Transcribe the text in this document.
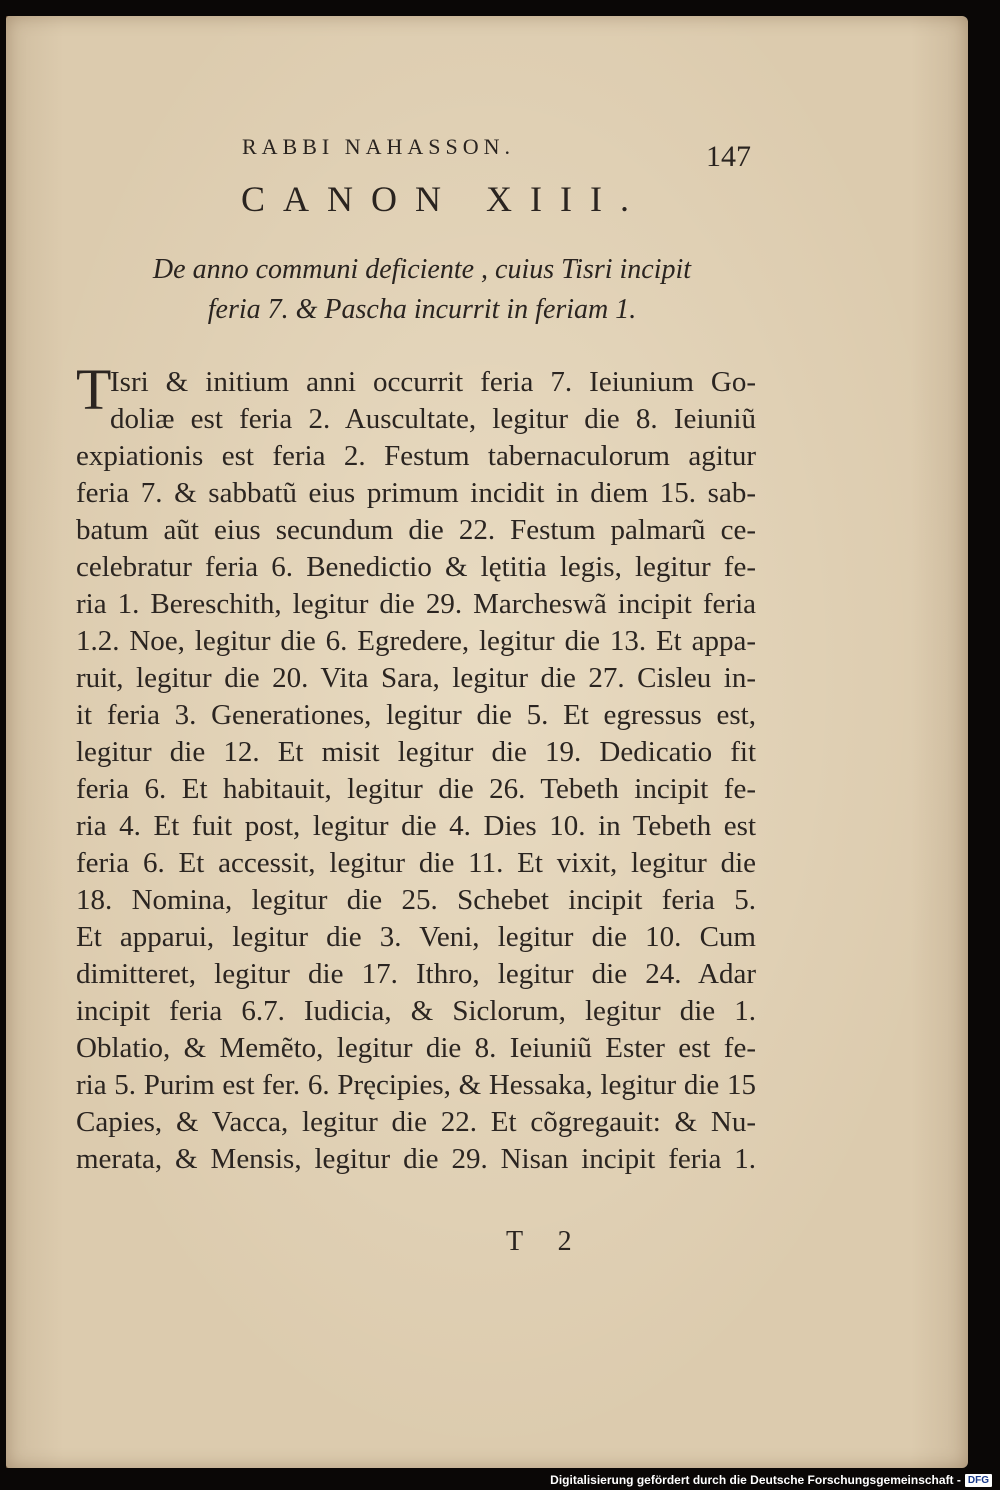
RABBI NAHASSON.	147
CANON XIII.
De anno communi deficiente , cuius Tisri incipit
feria 7. & Pascha incurrit in feriam 1.
T
Isri & initium anni occurrit feria 7. Ieiunium Go-
doliæ est feria 2. Auscultate, legitur die 8. Ieiuniũ
expiationis est feria 2. Festum tabernaculorum agitur
feria 7. & sabbatũ eius primum incidit in diem 15. sab-
batum aũt eius secundum die 22. Festum palmarũ ce-
celebratur feria 6. Benedictio & lętitia legis, legitur fe-
ria 1. Bereschith, legitur die 29. Marcheswã incipit feria
1.2. Noe, legitur die 6. Egredere, legitur die 13. Et appa-
ruit, legitur die 20. Vita Sara, legitur die 27. Cisleu in-
it feria 3. Generationes, legitur die 5. Et egressus est,
legitur die 12. Et misit legitur die 19. Dedicatio fit
feria 6. Et habitauit, legitur die 26. Tebeth incipit fe-
ria 4. Et fuit post, legitur die 4. Dies 10. in Tebeth est
feria 6. Et accessit, legitur die 11. Et vixit, legitur die
18. Nomina, legitur die 25. Schebet incipit feria 5.
Et apparui, legitur die 3. Veni, legitur die 10. Cum
dimitteret, legitur die 17. Ithro, legitur die 24. Adar
incipit feria 6.7. Iudicia, & Siclorum, legitur die 1.
Oblatio, & Memẽto, legitur die 8. Ieiuniũ Ester est fe-
ria 5. Purim est fer. 6. Pręcipies, & Hessaka, legitur die 15
Capies, & Vacca, legitur die 22. Et cõgregauit: & Nu-
merata, & Mensis, legitur die 29. Nisan incipit feria 1.
T 2
Digitalisierung gefördert durch die Deutsche Forschungsgemeinschaft - DFG
